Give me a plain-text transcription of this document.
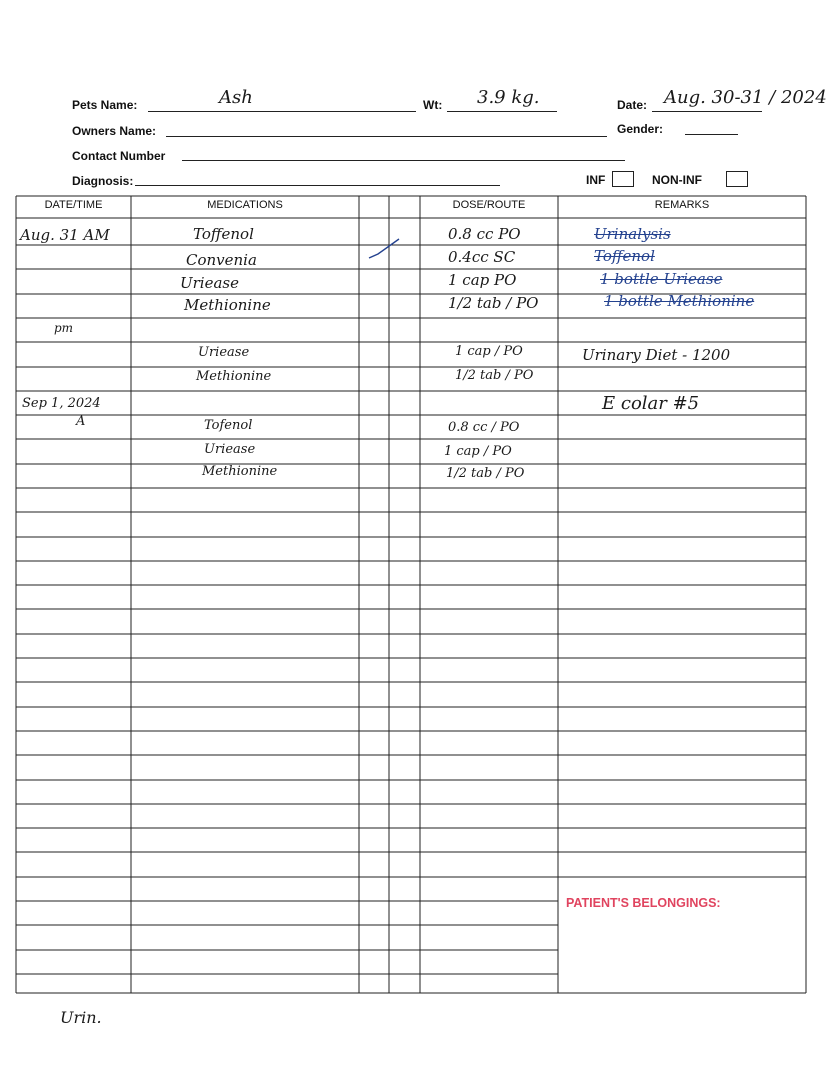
Pets Name:	Ash	Wt: 3.9 kg.	Date: Aug. 30-31 / 2024
Owners Name:	Gender:
Contact Number
Diagnosis:	INF	NON-INF
DATE/TIME	MEDICATIONS	DOSE/ROUTE	REMARKS
Aug. 31 AM	Toffenol	0.8 cc PO	Urinalysis
Convenia	0.4cc SC	Toffenol
Uriease	1 cap PO	1 bottle Uriease
Methionine	1/2 tab / PO	1 bottle Methionine
pm
Uriease	1 cap / PO	Urinary Diet - 1200
Methionine	1/2 tab / PO
Sep 1, 2024
A
E colar #5
Tofenol	0.8 cc / PO
Uriease	1 cap / PO
Methionine	1/2 tab / PO
PATIENT'S BELONGINGS:
Urin.
